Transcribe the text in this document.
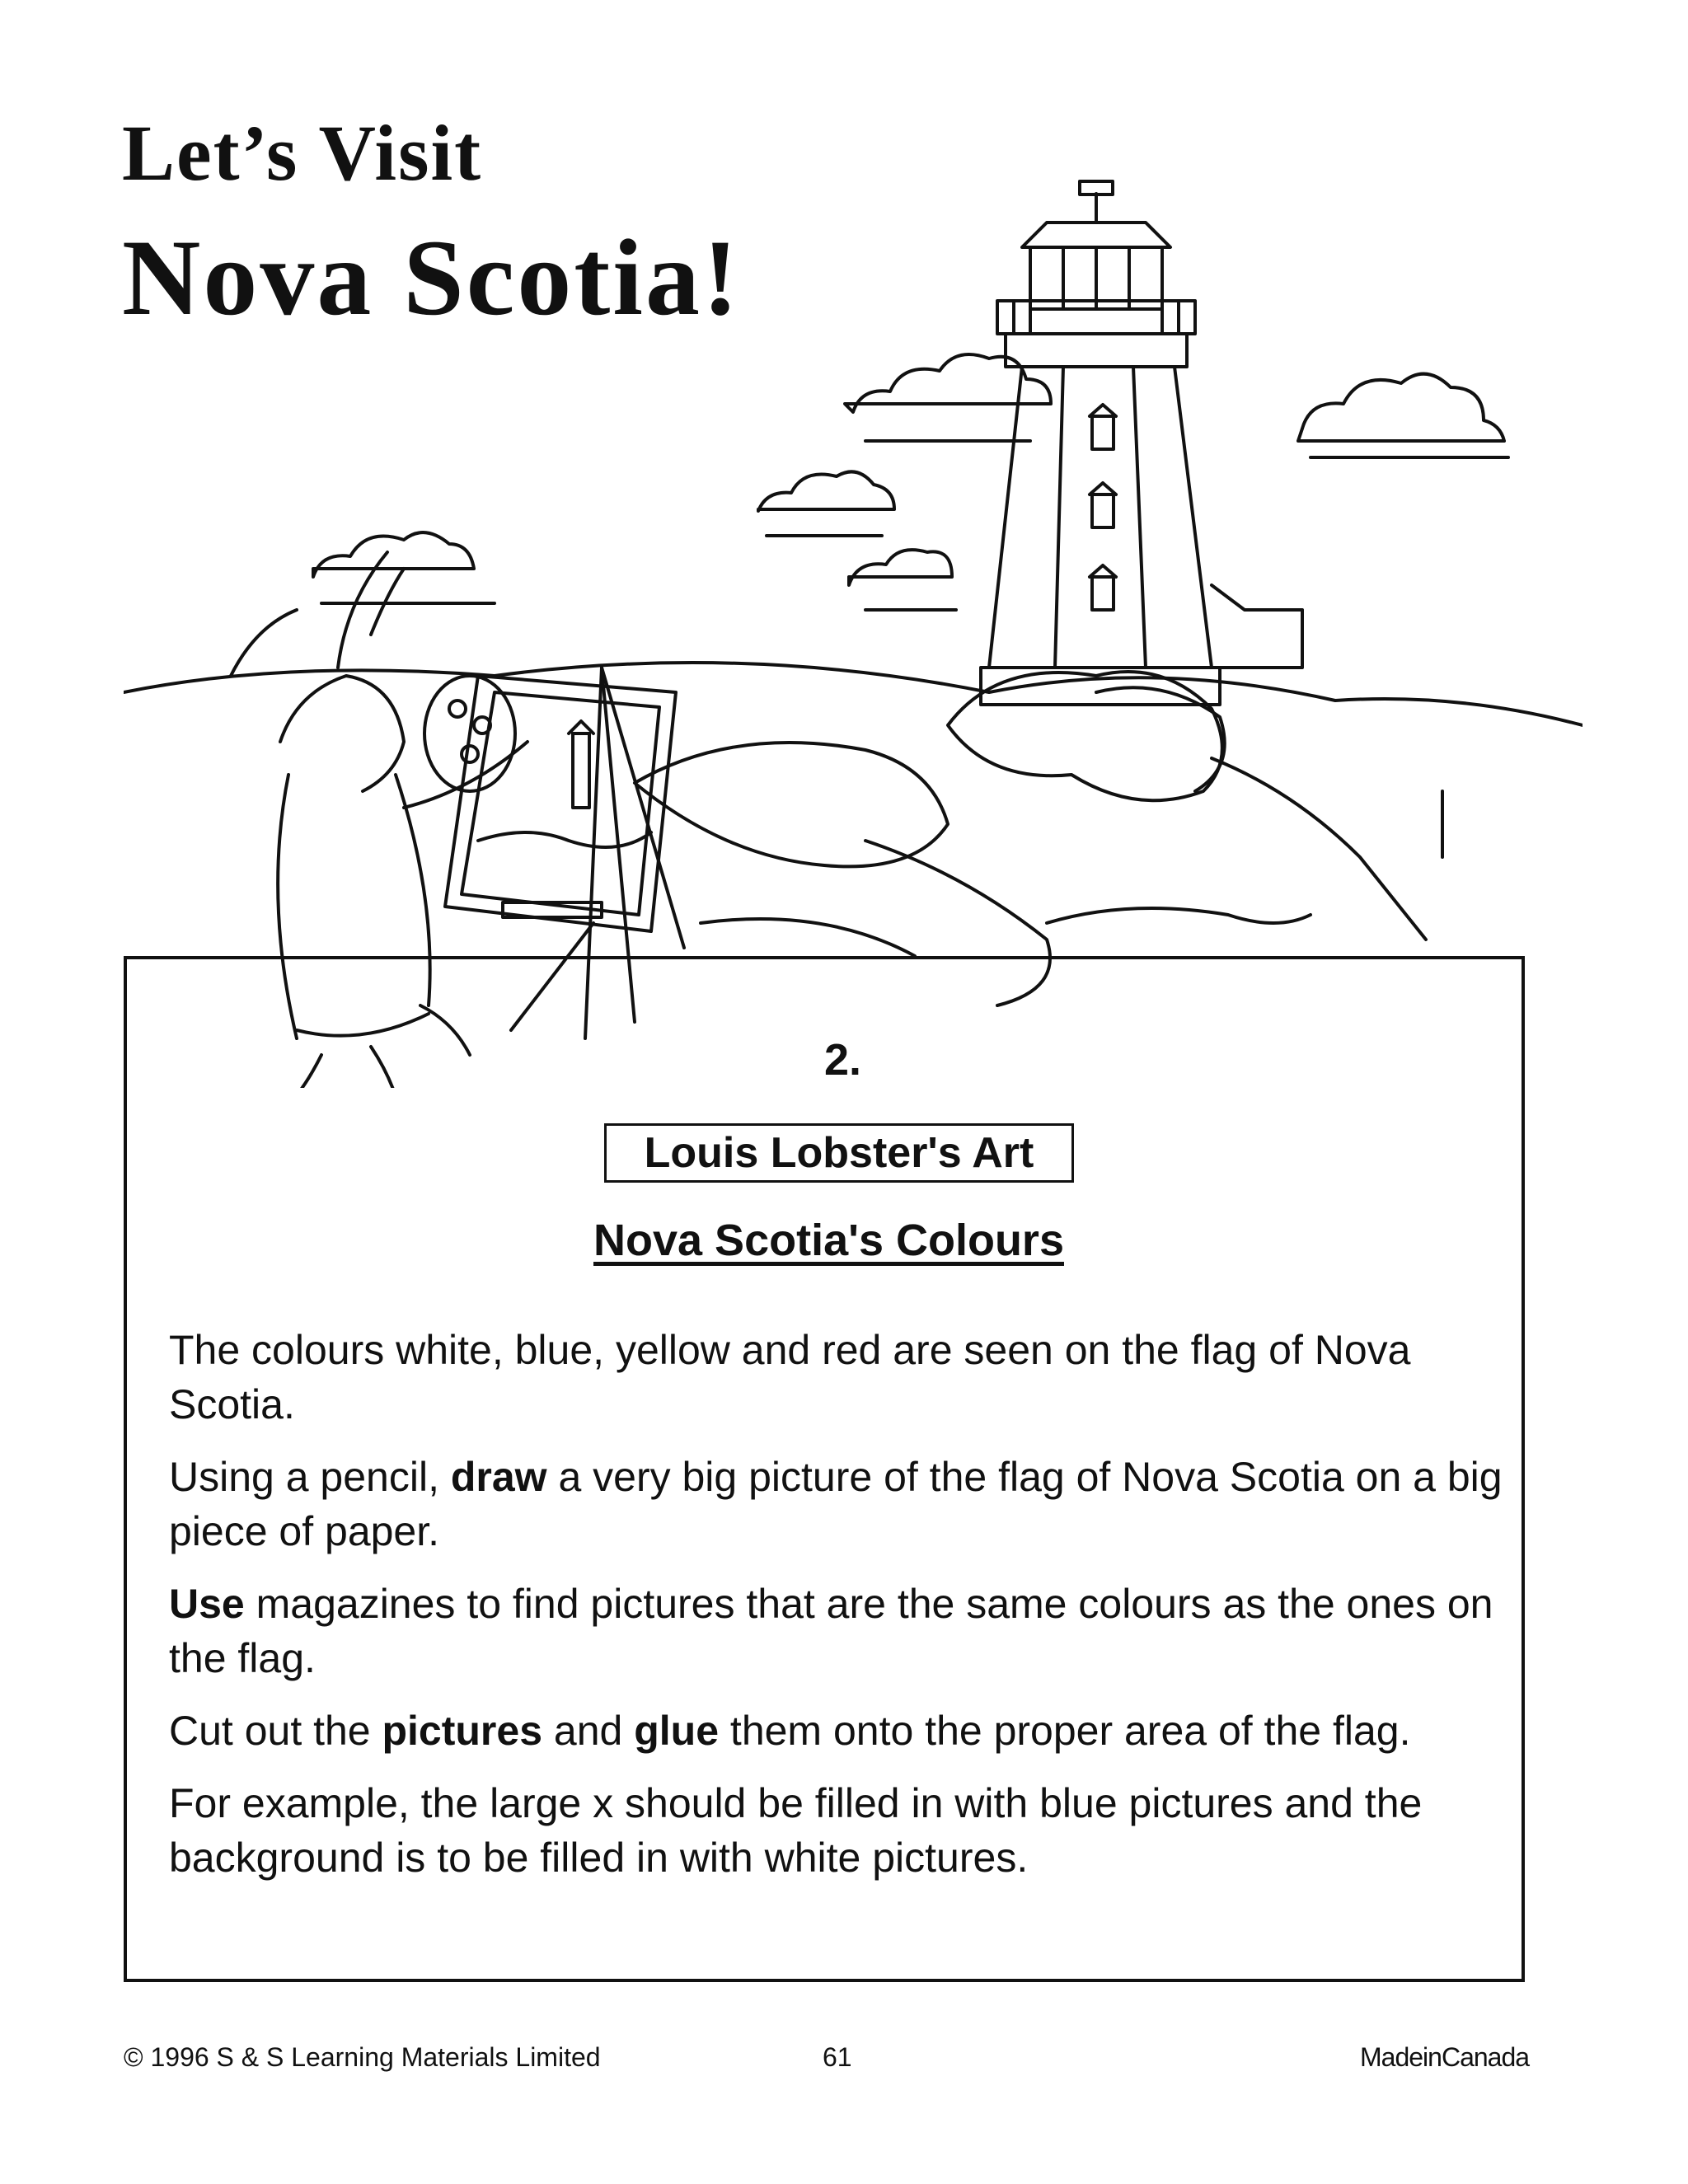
Let’s Visit
Nova Scotia!

2.

Louis Lobster's Art

Nova Scotia's Colours

The colours white, blue, yellow and red are seen on the flag of Nova Scotia.

Using a pencil, draw a very big picture of the flag of Nova Scotia on a big piece of paper.

Use magazines to find pictures that are the same colours as the ones on the flag.

Cut out the pictures and glue them onto the proper area of the flag.

For example, the large x should be filled in with blue pictures and the background is to be filled in with white pictures.

© 1996 S & S Learning Materials Limited	61	MadeinCanada
